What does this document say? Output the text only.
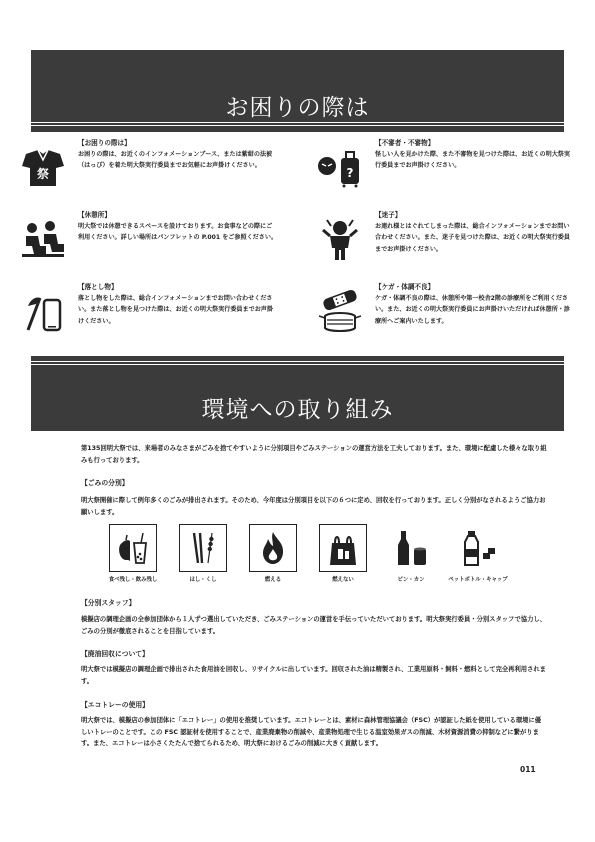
お困りの際は
祭
【お困りの際は】
お困りの際は、お近くのインフォメーションブース、または紫紺の法被（はっぴ）を着た明大祭実行委員までお気軽にお声掛けください。
【休憩所】
明大祭では休憩できるスペースを設けております。お食事などの際にご利用ください。詳しい場所はパンフレットの P.001 をご参照ください。
【落とし物】
落とし物をした際は、総合インフォメーションまでお問い合わせください。また落とし物を見つけた際は、お近くの明大祭実行委員までお声掛けください。
?
【不審者・不審物】
怪しい人を見かけた際、また不審物を見つけた際は、お近くの明大祭実行委員までお声掛けください。
【迷子】
お連れ様とはぐれてしまった際は、総合インフォメーションまでお問い合わせください。また、迷子を見つけた際は、お近くの明大祭実行委員までお声掛けください。
【ケガ・体調不良】
ケガ・体調不良の際は、休憩所や第一校舎2階の診療所をご利用ください。また、お近くの明大祭実行委員にお声掛けいただければ休憩所・診療所へご案内いたします。
環境への取り組み
第135回明大祭では、来場者のみなさまがごみを捨てやすいように分別項目やごみステーションの運営方法を工夫しております。また、環境に配慮した様々な取り組みも行っております。
【ごみの分別】
明大祭開催に際して例年多くのごみが排出されます。そのため、今年度は分別項目を以下の６つに定め、回収を行っております。正しく分別がなされるようご協力お願いします。
食べ残し・飲み残し	はし・くし	燃える	燃えない	ビン・カン	ペットボトル・キャップ
【分別スタッフ】
模擬店の調理企画の全参加団体から１人ずつ選出していただき、ごみステーションの運営を手伝っていただいております。明大祭実行委員・分別スタッフで協力し、ごみの分別が徹底されることを目指しています。
【廃油回収について】
明大祭では模擬店の調理企画で排出された食用油を回収し、リサイクルに出しています。回収された油は精製され、工業用原料・飼料・燃料として完全再利用されます。
【エコトレーの使用】
明大祭では、模擬店の参加団体に「エコトレー」の使用を推奨しています。エコトレーとは、素材に森林管理協議会（FSC）が認証した紙を使用している環境に優しいトレーのことです。この FSC 認証材を使用することで、産業廃棄物の削減や、産業物処理で生じる温室効果ガスの削減、木材資源消費の抑制などに繋がります。また、エコトレーは小さくたたんで捨てられるため、明大祭におけるごみの削減に大きく貢献します。
011
